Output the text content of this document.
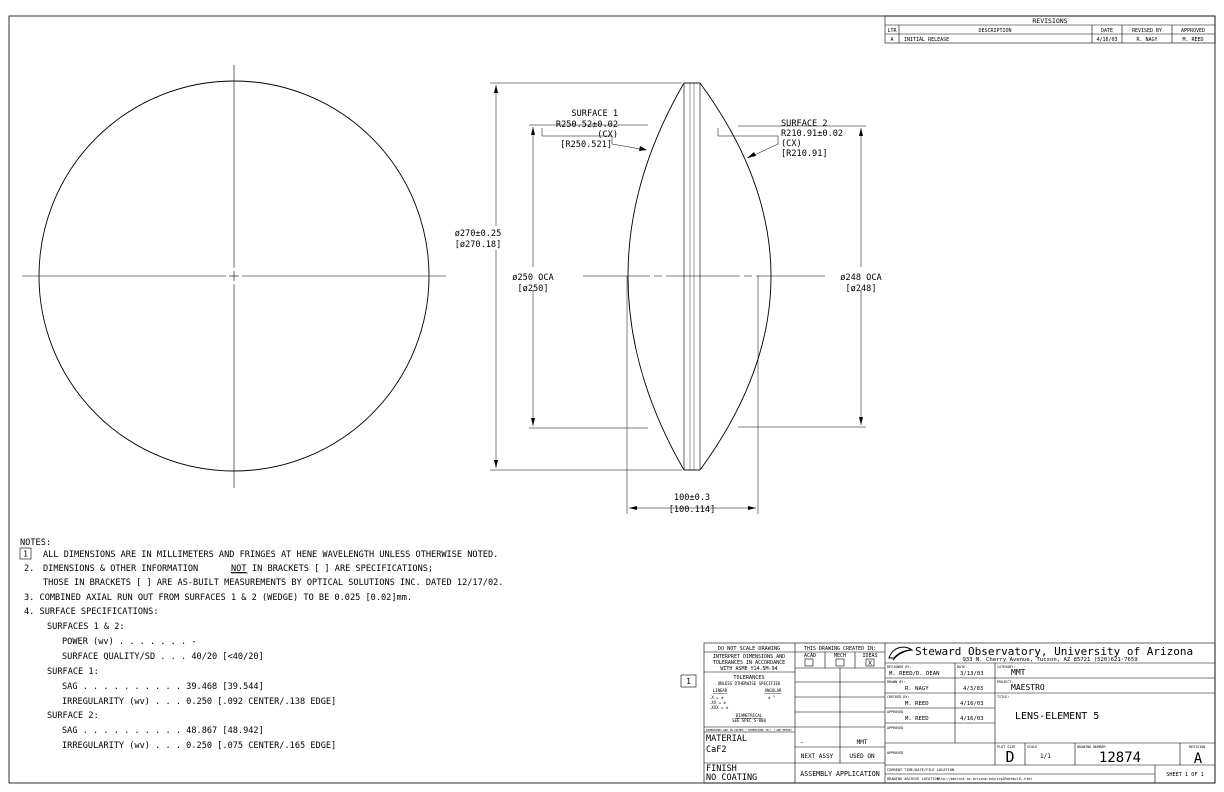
REVISIONS
LTR	DESCRIPTION	DATE	REVISED BY	APPROVED
A INITIAL RELEASE	4/16/03	R. NAGY	M. REED
ø270±0.25
[ø270.18]
ø250 OCA
[ø250]
ø248 OCA
[ø248]
100±0.3
[100.114]
SURFACE 1
R250.52±0.02
(CX)
[R250.521]
SURFACE 2
R210.91±0.02
(CX)
[R210.91]
NOTES:
1 ALL DIMENSIONS ARE IN MILLIMETERS AND FRINGES AT HENE WAVELENGTH UNLESS OTHERWISE NOTED.
2. DIMENSIONS & OTHER INFORMATION	NOT IN BRACKETS [ ] ARE SPECIFICATIONS;
THOSE IN BRACKETS [ ] ARE AS-BUILT MEASUREMENTS BY OPTICAL SOLUTIONS INC. DATED 12/17/02.
3. COMBINED AXIAL RUN OUT FROM SURFACES 1 & 2 (WEDGE) TO BE 0.025 [0.02]mm.
4. SURFACE SPECIFICATIONS:
SURFACES 1 & 2:
POWER (wv) . . . . . . . -
SURFACE QUALITY/SD . . . 40/20 [<40/20]
SURFACE 1:
SAG . . . . . . . . . . 39.468 [39.544]
IRREGULARITY (wv) . . . 0.250 [.092 CENTER/.138 EDGE]
SURFACE 2:
SAG . . . . . . . . . . 48.867 [48.942]
IRREGULARITY (wv) . . . 0.250 [.075 CENTER/.165 EDGE]
1
DO NOT SCALE DRAWING
INTERPRET DIMENSIONS AND
TOLERANCES IN ACCORDANCE
WITH ASME Y14.5M-94
TOLERANCES
UNLESS OTHERWISE SPECIFIED
LINEAR	ANGULAR
.X = ±	± °
.XX = ±
.XXX = ±
DIAMETRICAL
SEE SPEC S-000
DIMENSIONS ARE IN INCHES / DIMENSIONS IN [ ] ARE METRIC
MATERIAL
CaF2
FINISH
NO COATING
THIS DRAWING CREATED IN:
ACAD	MECH	IDEAS
X
-	MMT
NEXT ASSY	USED ON
ASSEMBLY APPLICATION
Steward Observatory, University of Arizona
933 N. Cherry Avenue, Tucson, AZ 85721 (520)621-7659
DESIGNED BY:
M. REED/D. DEAN
DATE:
3/13/03
DRAWN BY:
R. NAGY	4/3/03
CHECKED BY:
M. REED	4/16/03
APPROVED
M. REED	4/16/03
APPROVED
APPROVED
CATEGORY:
MMT
PROJECT:
MAESTRO
TITLE:
LENS-ELEMENT 5
PLOT SIZE
D
SCALE
1/1
DRAWING NUMBER
12874
REVISION
A
CURRENT TIME/DATE/FILE LOCATION
DRAWING ARCHIVE LOCATION
http://mmtinst.as.arizona.edu/scs&PdefaultL.html
SHEET 1 OF 1
